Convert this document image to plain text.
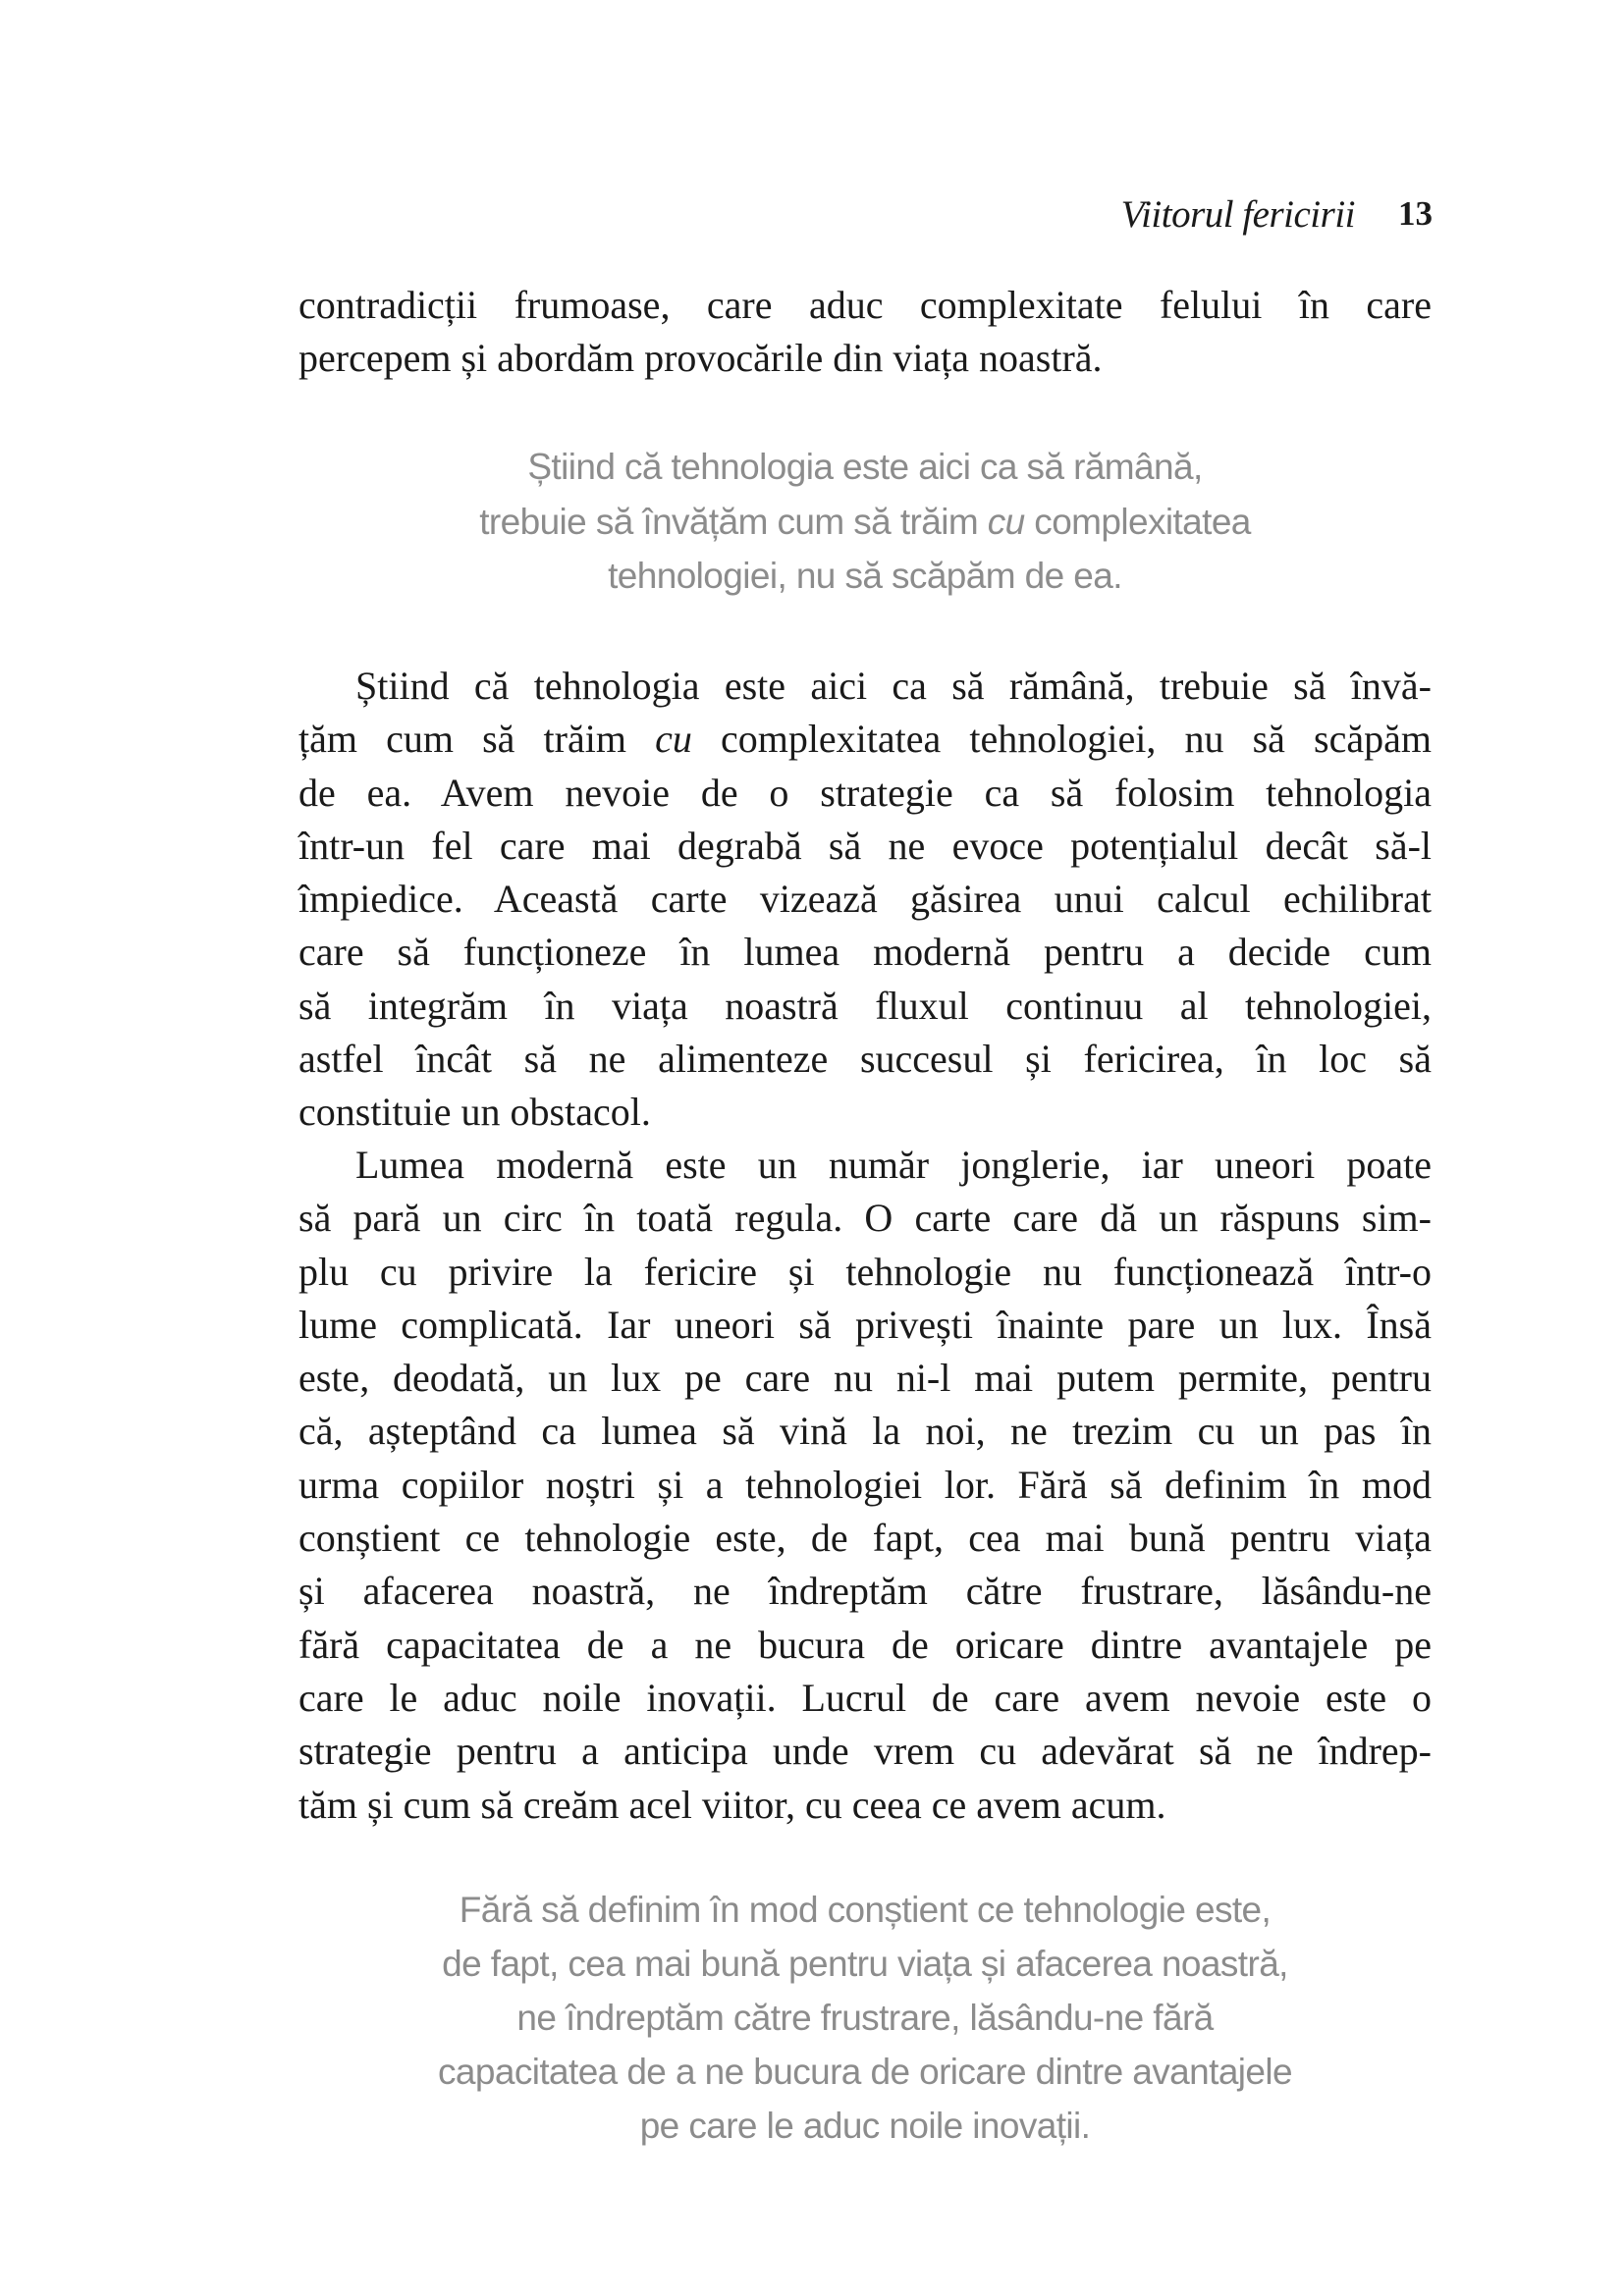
Viitorul fericirii 13
contradicții frumoase, care aduc complexitate felului în care
percepem și abordăm provocările din viața noastră.
Știind că tehnologia este aici ca să rămână,
trebuie să învățăm cum să trăim cu complexitatea
tehnologiei, nu să scăpăm de ea.
Știind că tehnologia este aici ca să rămână, trebuie să învă-
țăm cum să trăim cu complexitatea tehnologiei, nu să scăpăm
de ea. Avem nevoie de o strategie ca să folosim tehnologia
într-un fel care mai degrabă să ne evoce potențialul decât să-l
împiedice. Această carte vizează găsirea unui calcul echilibrat
care să funcționeze în lumea modernă pentru a decide cum
să integrăm în viața noastră fluxul continuu al tehnologiei,
astfel încât să ne alimenteze succesul și fericirea, în loc să
constituie un obstacol.
Lumea modernă este un număr jonglerie, iar uneori poate
să pară un circ în toată regula. O carte care dă un răspuns sim-
plu cu privire la fericire și tehnologie nu funcționează într-o
lume complicată. Iar uneori să privești înainte pare un lux. Însă
este, deodată, un lux pe care nu ni-l mai putem permite, pentru
că, așteptând ca lumea să vină la noi, ne trezim cu un pas în
urma copiilor noștri și a tehnologiei lor. Fără să definim în mod
conștient ce tehnologie este, de fapt, cea mai bună pentru viața
și afacerea noastră, ne îndreptăm către frustrare, lăsându-ne
fără capacitatea de a ne bucura de oricare dintre avantajele pe
care le aduc noile inovații. Lucrul de care avem nevoie este o
strategie pentru a anticipa unde vrem cu adevărat să ne îndrep-
tăm și cum să creăm acel viitor, cu ceea ce avem acum.
Fără să definim în mod conștient ce tehnologie este,
de fapt, cea mai bună pentru viața și afacerea noastră,
ne îndreptăm către frustrare, lăsându-ne fără
capacitatea de a ne bucura de oricare dintre avantajele
pe care le aduc noile inovații.
